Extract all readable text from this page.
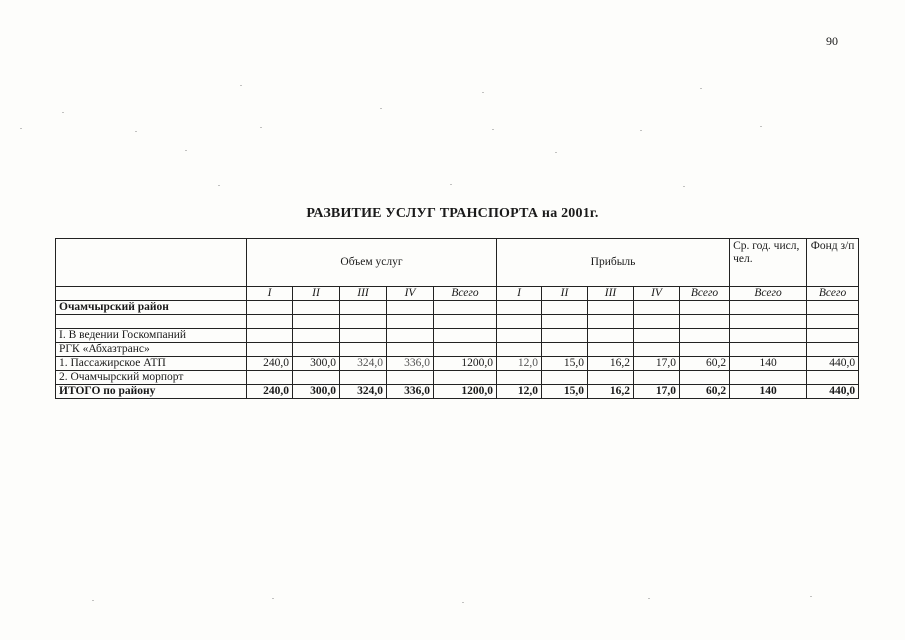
90
РАЗВИТИЕ УСЛУГ ТРАНСПОРТА на 2001г.
	Объем услуг					Прибыль					Ср. год. числ, чел.	Фонд з/п
	I	II	III	IV	Всего	I	II	III	IV	Всего	Всего	Всего
Очамчырский район												

I. В ведении Госкомпаний												
РГК «Абхазтранс»												
1. Пассажирское АТП	240,0	300,0	324,0	336,0	1200,0	12,0	15,0	16,2	17,0	60,2	140	440,0
2. Очамчырский морпорт												
ИТОГО по району	240,0	300,0	324,0	336,0	1200,0	12,0	15,0	16,2	17,0	60,2	140	440,0
